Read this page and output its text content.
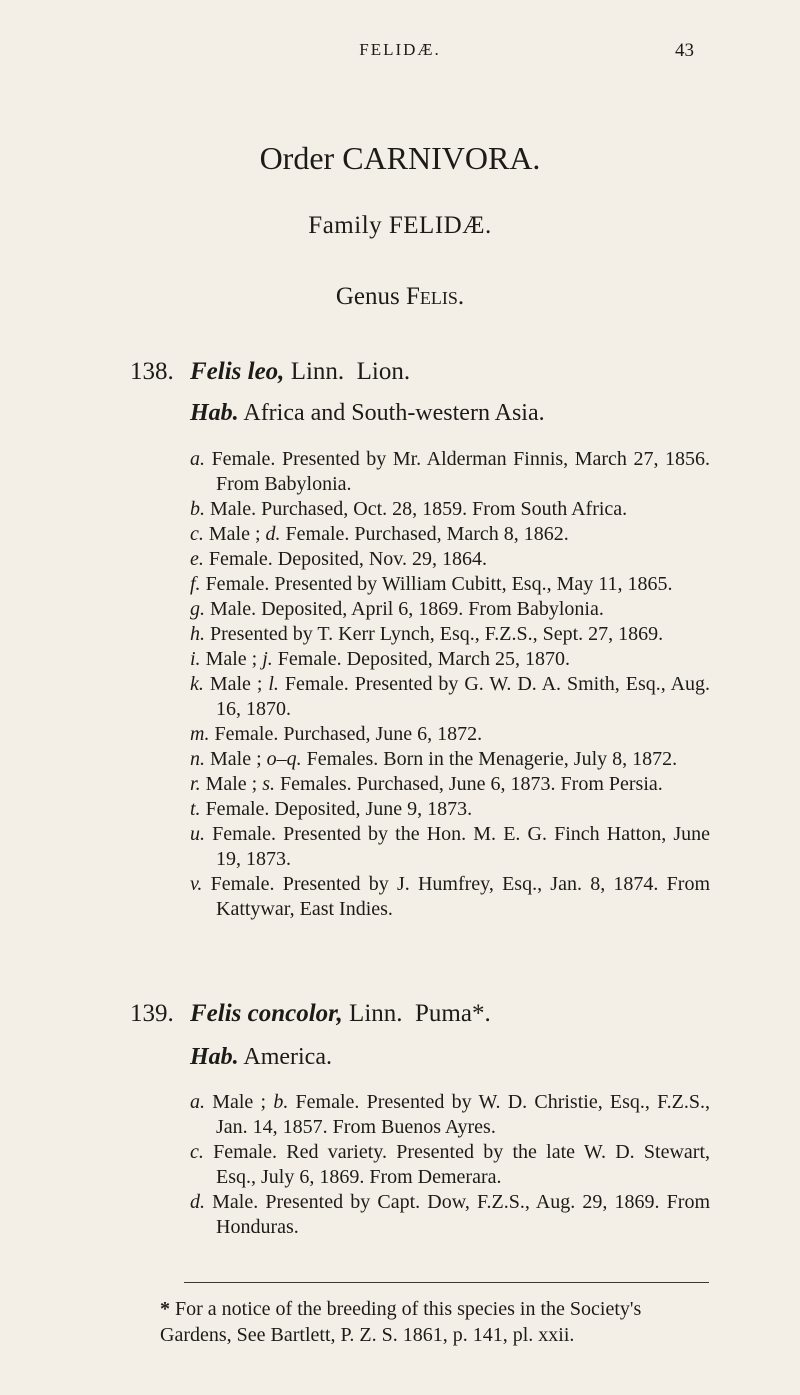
FELIDÆ.	43
Order CARNIVORA.
Family FELIDÆ.
Genus Felis.
138. Felis leo, Linn. Lion.
Hab. Africa and South-western Asia.

a. Female. Presented by Mr. Alderman Finnis, March 27, 1856. From Babylonia.

b. Male. Purchased, Oct. 28, 1859. From South Africa.

c. Male ; d. Female. Purchased, March 8, 1862.

e. Female. Deposited, Nov. 29, 1864.

f. Female. Presented by William Cubitt, Esq., May 11, 1865.

g. Male. Deposited, April 6, 1869. From Babylonia.

h. Presented by T. Kerr Lynch, Esq., F.Z.S., Sept. 27, 1869.

i. Male ; j. Female. Deposited, March 25, 1870.

k. Male ; l. Female. Presented by G. W. D. A. Smith, Esq., Aug. 16, 1870.

m. Female. Purchased, June 6, 1872.

n. Male ; o–q. Females. Born in the Menagerie, July 8, 1872.

r. Male ; s. Females. Purchased, June 6, 1873. From Persia.

t. Female. Deposited, June 9, 1873.

u. Female. Presented by the Hon. M. E. G. Finch Hatton, June 19, 1873.

v. Female. Presented by J. Humfrey, Esq., Jan. 8, 1874. From Kattywar, East Indies.

139. Felis concolor, Linn. Puma*.
Hab. America.

a. Male ; b. Female. Presented by W. D. Christie, Esq., F.Z.S., Jan. 14, 1857. From Buenos Ayres.

c. Female. Red variety. Presented by the late W. D. Stewart, Esq., July 6, 1869. From Demerara.

d. Male. Presented by Capt. Dow, F.Z.S., Aug. 29, 1869. From Honduras.

* For a notice of the breeding of this species in the Society's Gardens, See Bartlett, P. Z. S. 1861, p. 141, pl. xxii.
